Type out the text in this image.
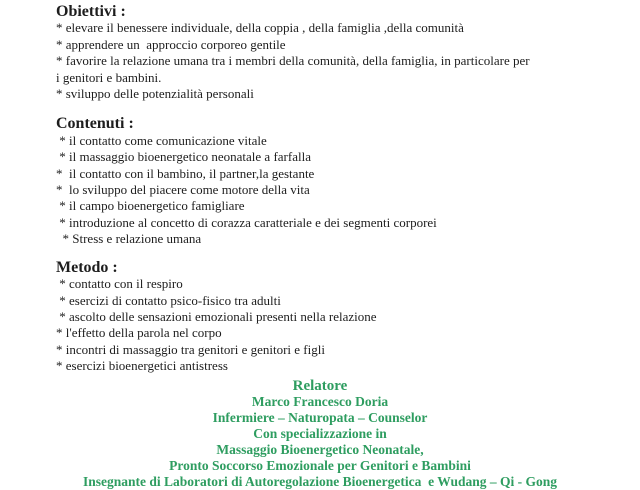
Obiettivi :
* elevare il benessere individuale, della coppia , della famiglia ,della comunità
* apprendere un  approccio corporeo gentile
* favorire la relazione umana tra i membri della comunità, della famiglia, in particolare per
i genitori e bambini.
* sviluppo delle potenzialità personali
Contenuti :
* il contatto come comunicazione vitale
* il massaggio bioenergetico neonatale a farfalla
*  il contatto con il bambino, il partner,la gestante
*  lo sviluppo del piacere come motore della vita
* il campo bioenergetico famigliare
* introduzione al concetto di corazza caratteriale e dei segmenti corporei
* Stress e relazione umana
Metodo :
* contatto con il respiro
* esercizi di contatto psico-fisico tra adulti
* ascolto delle sensazioni emozionali presenti nella relazione
* l'effetto della parola nel corpo
* incontri di massaggio tra genitori e genitori e figli
* esercizi bioenergetici antistress
Relatore
Marco Francesco Doria
Infermiere – Naturopata – Counselor
Con specializzazione in
Massaggio Bioenergetico Neonatale,
Pronto Soccorso Emozionale per Genitori e Bambini
Insegnante di Laboratori di Autoregolazione Bioenergetica  e Wudang – Qi - Gong
